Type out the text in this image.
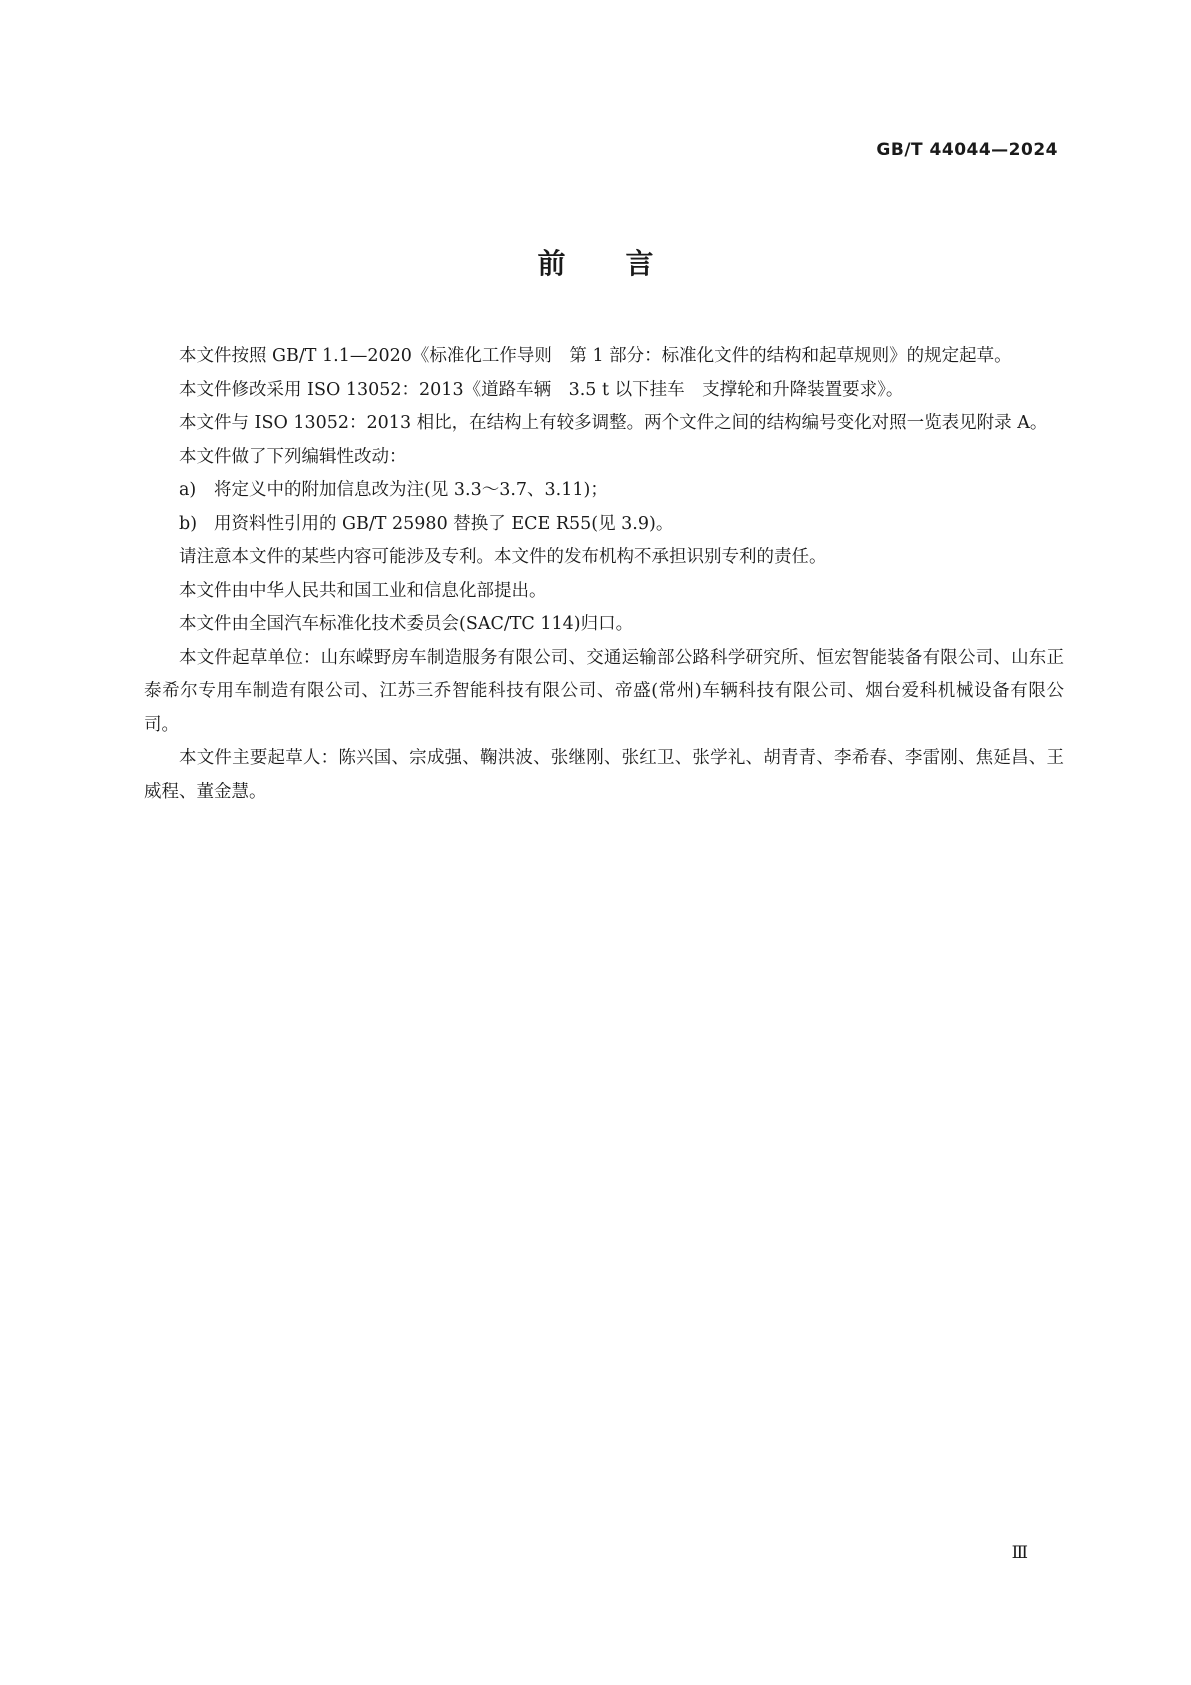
GB/T 44044—2024
前言

本文件按照 GB/T 1.1—2020《标准化工作导则　第 1 部分：标准化文件的结构和起草规则》的规定起草。

本文件修改采用 ISO 13052：2013《道路车辆　3.5 t 以下挂车　支撑轮和升降装置要求》。

本文件与 ISO 13052：2013 相比，在结构上有较多调整。两个文件之间的结构编号变化对照一览表见附录 A。

本文件做了下列编辑性改动：

a) 将定义中的附加信息改为注(见 3.3～3.7、3.11)；

b) 用资料性引用的 GB/T 25980 替换了 ECE R55(见 3.9)。

请注意本文件的某些内容可能涉及专利。本文件的发布机构不承担识别专利的责任。

本文件由中华人民共和国工业和信息化部提出。

本文件由全国汽车标准化技术委员会(SAC/TC 114)归口。

本文件起草单位：山东嵘野房车制造服务有限公司、交通运输部公路科学研究所、恒宏智能装备有限公司、山东正泰希尔专用车制造有限公司、江苏三乔智能科技有限公司、帝盛(常州)车辆科技有限公司、烟台爱科机械设备有限公司。

本文件主要起草人：陈兴国、宗成强、鞠洪波、张继刚、张红卫、张学礼、胡青青、李希春、李雷刚、焦延昌、王威程、董金慧。

Ⅲ
